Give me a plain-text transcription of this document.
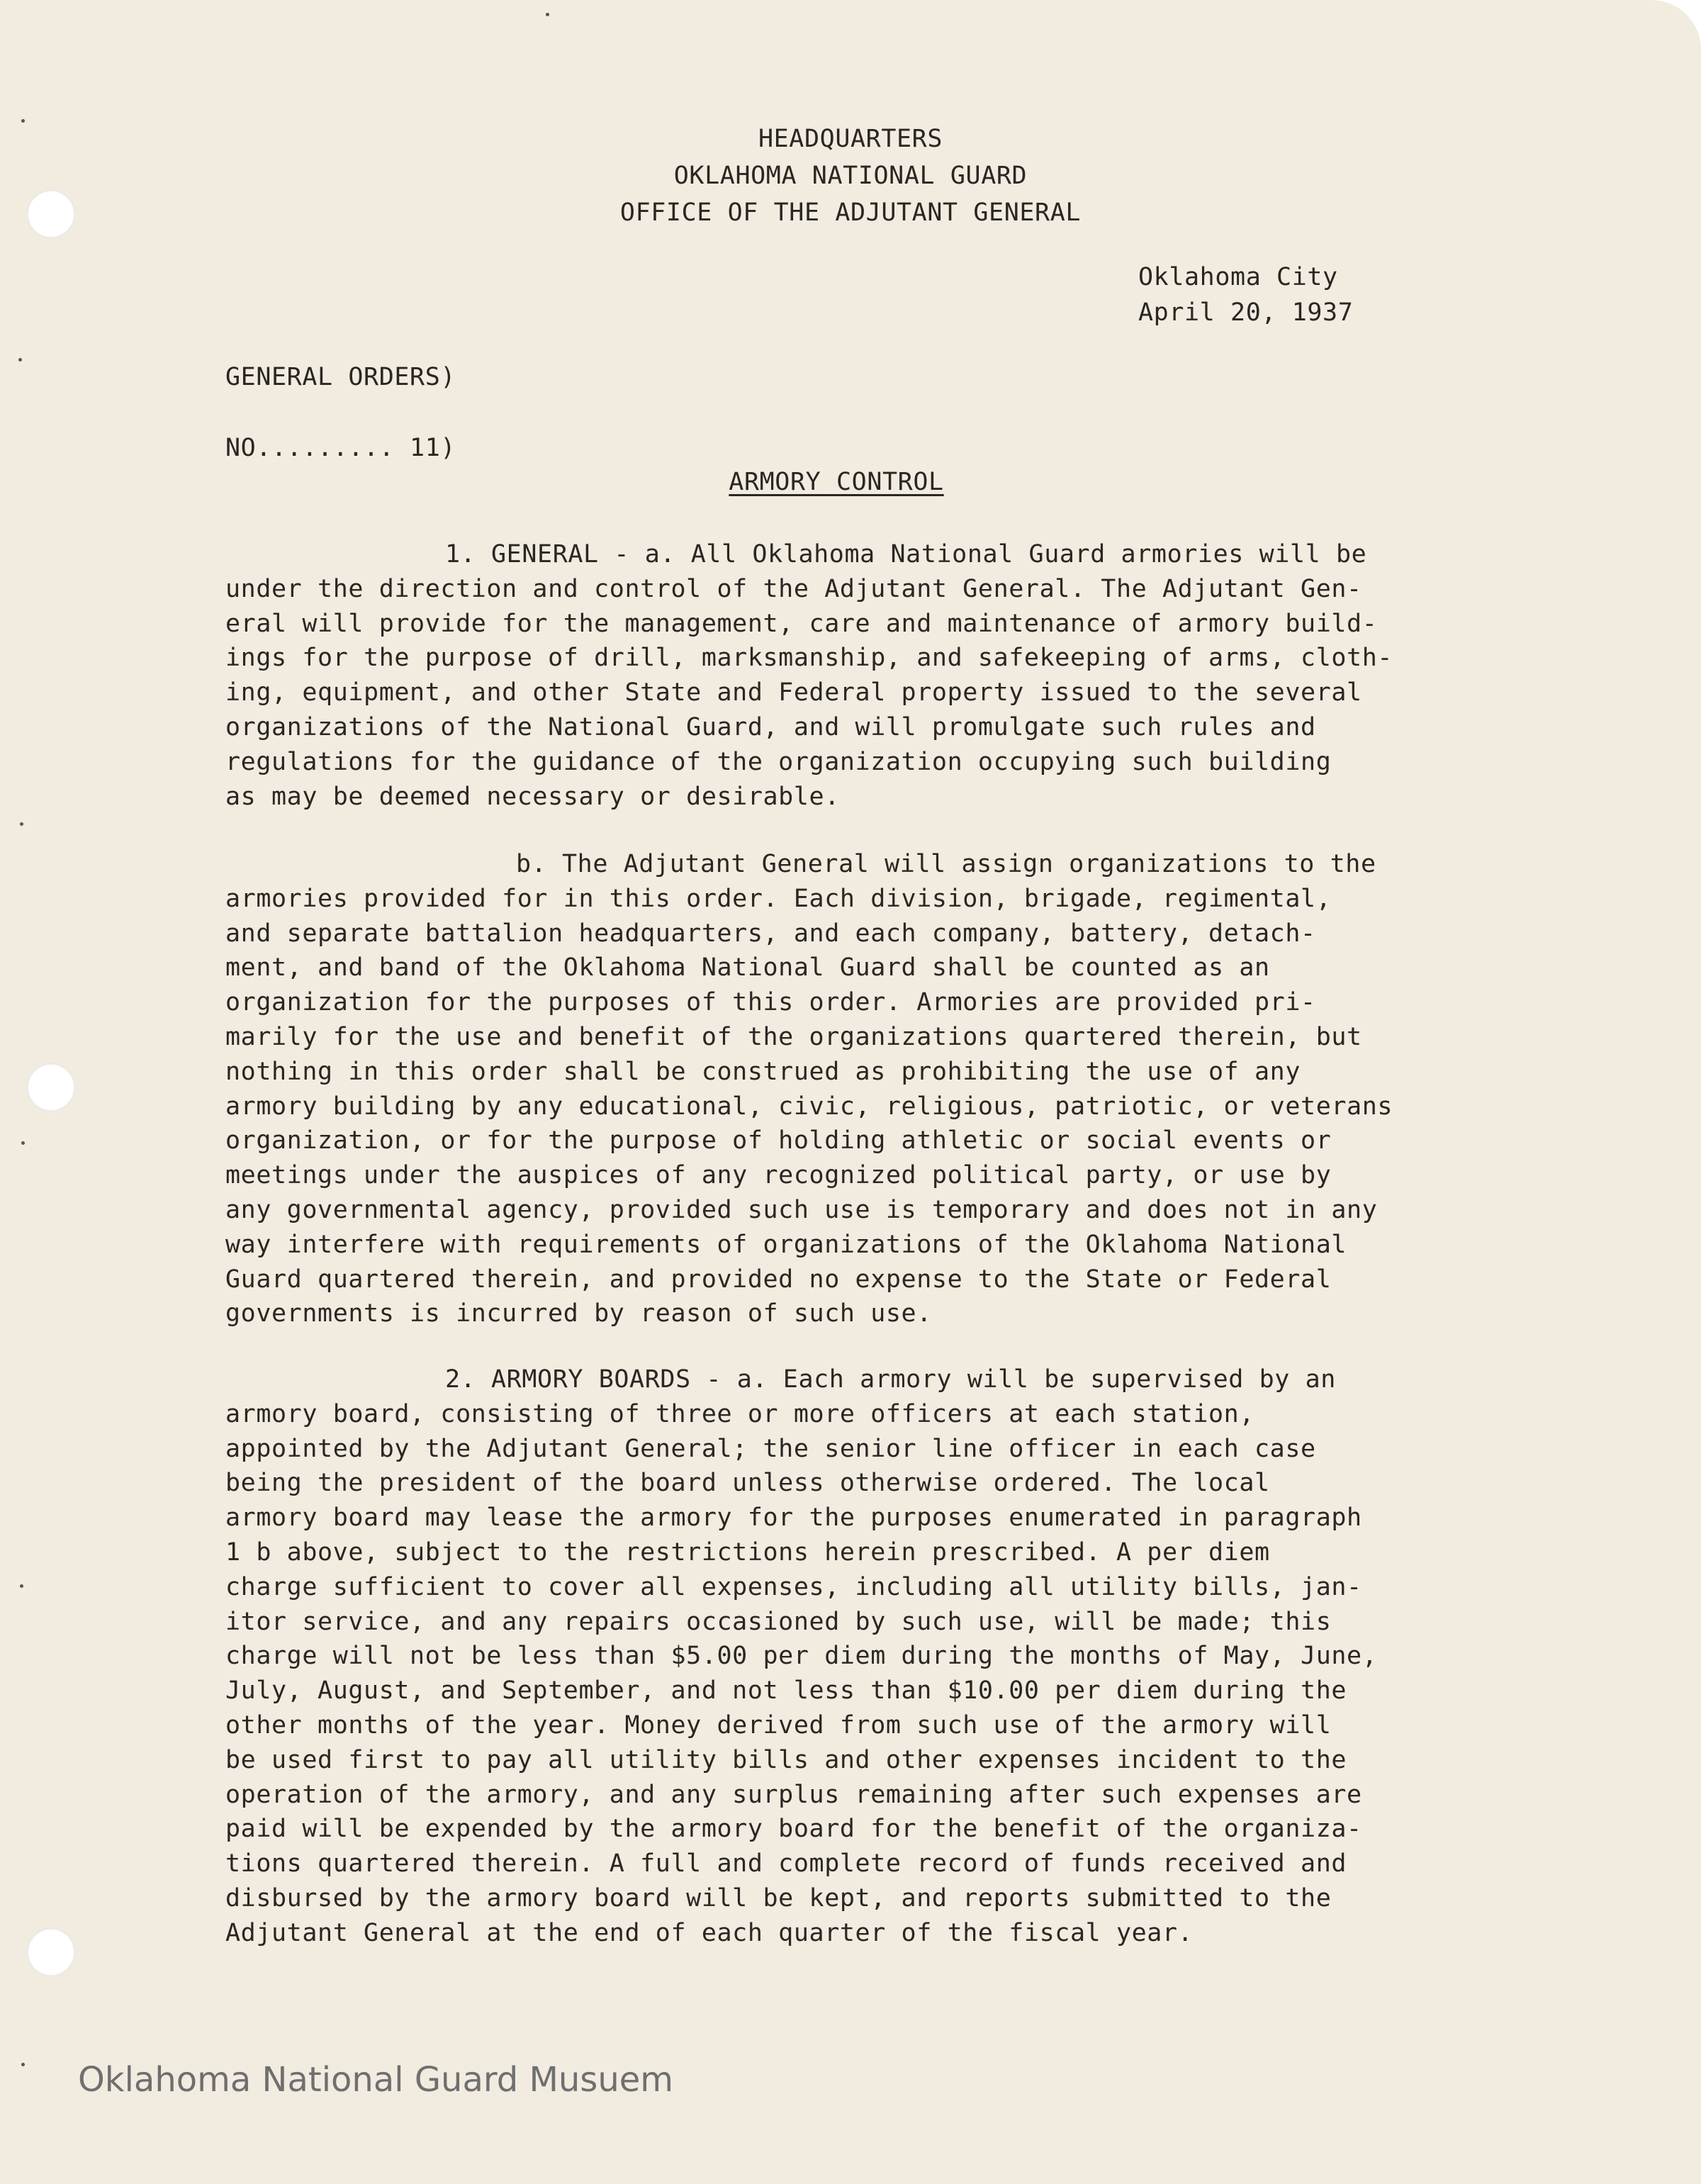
HEADQUARTERS
OKLAHOMA NATIONAL GUARD
OFFICE OF THE ADJUTANT GENERAL
Oklahoma City
April 20, 1937
GENERAL ORDERS)
NO......... 11)
ARMORY CONTROL

1. GENERAL - a. All Oklahoma National Guard armories will be

under the direction and control of the Adjutant General. The Adjutant Gen-

eral will provide for the management, care and maintenance of armory build-

ings for the purpose of drill, marksmanship, and safekeeping of arms, cloth-

ing, equipment, and other State and Federal property issued to the several

organizations of the National Guard, and will promulgate such rules and

regulations for the guidance of the organization occupying such building

as may be deemed necessary or desirable.

b. The Adjutant General will assign organizations to the

armories provided for in this order. Each division, brigade, regimental,

and separate battalion headquarters, and each company, battery, detach-

ment, and band of the Oklahoma National Guard shall be counted as an

organization for the purposes of this order. Armories are provided pri-

marily for the use and benefit of the organizations quartered therein, but

nothing in this order shall be construed as prohibiting the use of any

armory building by any educational, civic, religious, patriotic, or veterans

organization, or for the purpose of holding athletic or social events or

meetings under the auspices of any recognized political party, or use by

any governmental agency, provided such use is temporary and does not in any

way interfere with requirements of organizations of the Oklahoma National

Guard quartered therein, and provided no expense to the State or Federal

governments is incurred by reason of such use.

2. ARMORY BOARDS - a. Each armory will be supervised by an

armory board, consisting of three or more officers at each station,

appointed by the Adjutant General; the senior line officer in each case

being the president of the board unless otherwise ordered. The local

armory board may lease the armory for the purposes enumerated in paragraph

1 b above, subject to the restrictions herein prescribed. A per diem

charge sufficient to cover all expenses, including all utility bills, jan-

itor service, and any repairs occasioned by such use, will be made; this

charge will not be less than $5.00 per diem during the months of May, June,

July, August, and September, and not less than $10.00 per diem during the

other months of the year. Money derived from such use of the armory will

be used first to pay all utility bills and other expenses incident to the

operation of the armory, and any surplus remaining after such expenses are

paid will be expended by the armory board for the benefit of the organiza-

tions quartered therein. A full and complete record of funds received and

disbursed by the armory board will be kept, and reports submitted to the

Adjutant General at the end of each quarter of the fiscal year.

Oklahoma National Guard Musuem
